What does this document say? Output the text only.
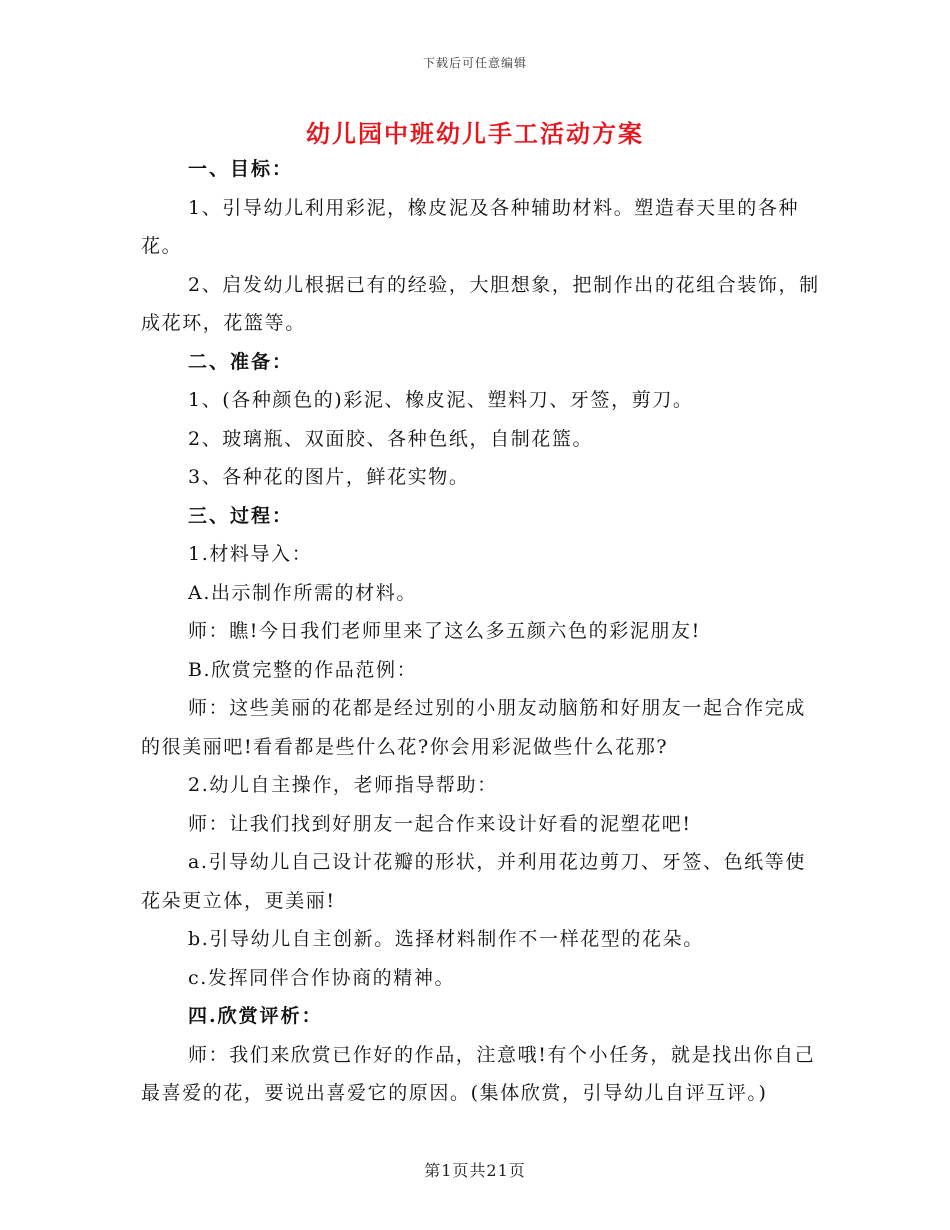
下载后可任意编辑
幼儿园中班幼儿手工活动方案

一、目标：

1、引导幼儿利用彩泥，橡皮泥及各种辅助材料。塑造春天里的各种花。

2、启发幼儿根据已有的经验，大胆想象，把制作出的花组合装饰，制成花环，花篮等。

二、准备：

1、(各种颜色的)彩泥、橡皮泥、塑料刀、牙签，剪刀。

2、玻璃瓶、双面胶、各种色纸，自制花篮。

3、各种花的图片，鲜花实物。

三、过程：

1.材料导入：

A.出示制作所需的材料。

师：瞧!今日我们老师里来了这么多五颜六色的彩泥朋友!

B.欣赏完整的作品范例：

师：这些美丽的花都是经过别的小朋友动脑筋和好朋友一起合作完成的很美丽吧!看看都是些什么花?你会用彩泥做些什么花那?

2.幼儿自主操作，老师指导帮助：

师：让我们找到好朋友一起合作来设计好看的泥塑花吧!

a.引导幼儿自己设计花瓣的形状，并利用花边剪刀、牙签、色纸等使花朵更立体，更美丽!

b.引导幼儿自主创新。选择材料制作不一样花型的花朵。

c.发挥同伴合作协商的精神。

四.欣赏评析：

师：我们来欣赏已作好的作品，注意哦!有个小任务，就是找出你自己最喜爱的花，要说出喜爱它的原因。(集体欣赏，引导幼儿自评互评。)

第1页共21页
